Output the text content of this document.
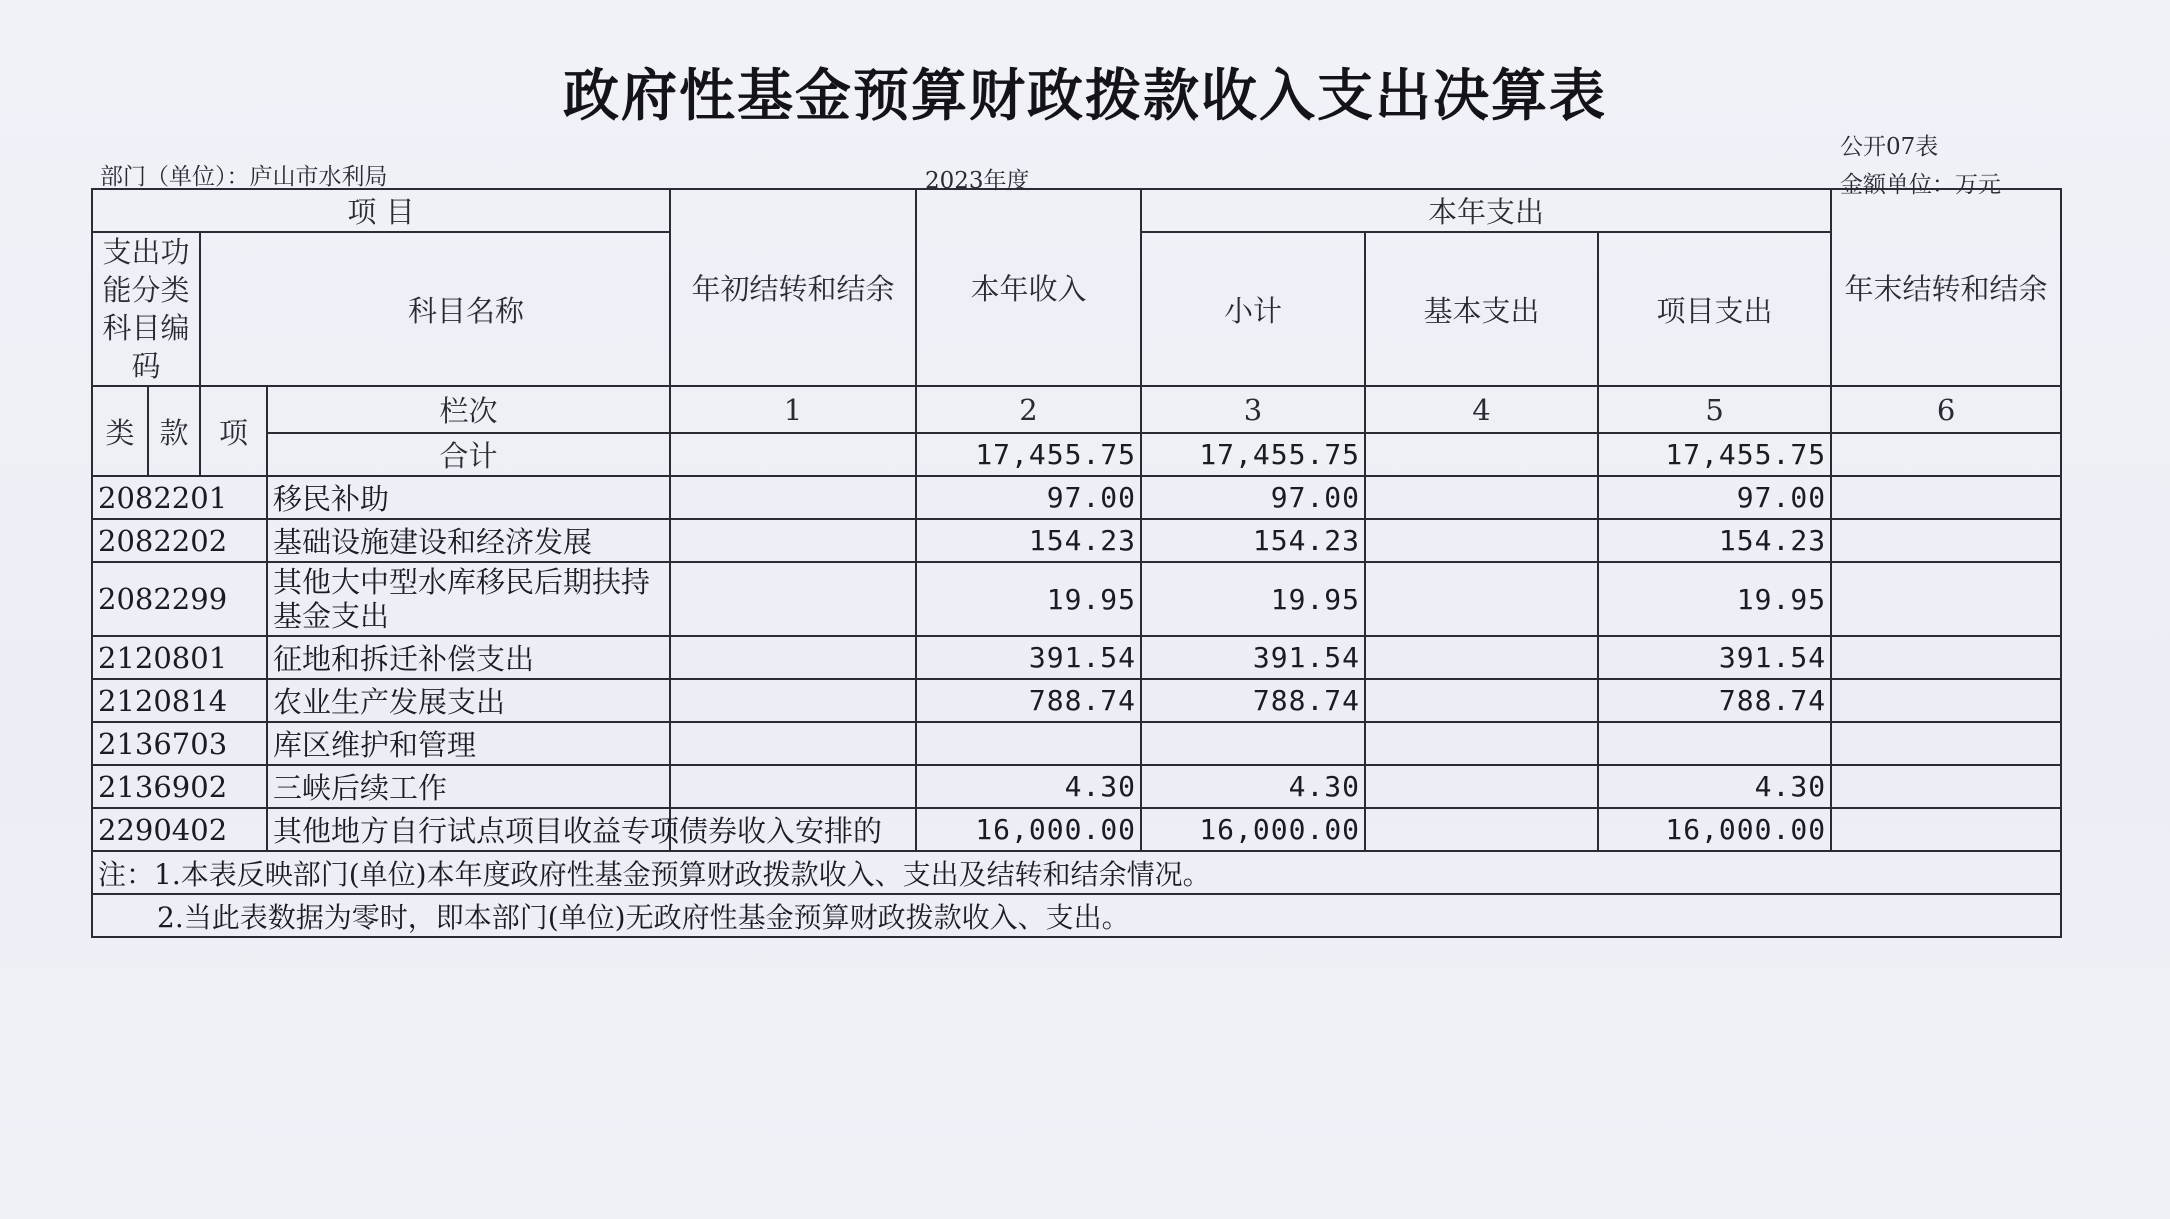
政府性基金预算财政拨款收入支出决算表
部门（单位）：庐山市水利局	2023年度
公开07表
金额单位：万元
项 目				年初结转和结余	本年收入	本年支出			年末结转和结余
支出功能分类科目编码		科目名称				小计	基本支出	项目支出	
类	款	项	栏次	1	2	3	4	5	6
			合计		17,455.75	17,455.75		17,455.75	
2082201			移民补助		97.00	97.00		97.00	
2082202			基础设施建设和经济发展		154.23	154.23		154.23	
2082299			其他大中型水库移民后期扶持基金支出		19.95	19.95		19.95	
2120801			征地和拆迁补偿支出		391.54	391.54		391.54	
2120814			农业生产发展支出		788.74	788.74		788.74	
2136703			库区维护和管理						
2136902			三峡后续工作		4.30	4.30		4.30	
2290402			其他地方自行试点项目收益专项债券收入安排的		16,000.00	16,000.00		16,000.00	
注：1.本表反映部门(单位)本年度政府性基金预算财政拨款收入、支出及结转和结余情况。									
2.当此表数据为零时，即本部门(单位)无政府性基金预算财政拨款收入、支出。									
